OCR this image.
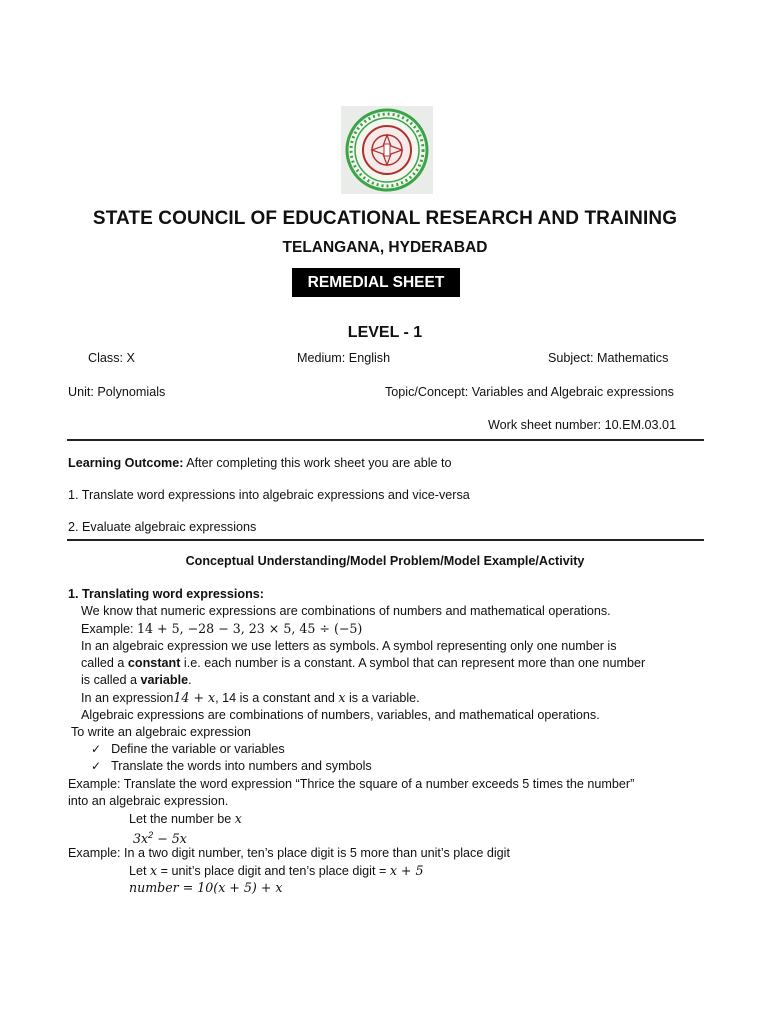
STATE COUNCIL OF EDUCATIONAL RESEARCH AND TRAINING
TELANGANA, HYDERABAD
REMEDIAL SHEET
LEVEL - 1
Class: X	Medium: English	Subject: Mathematics
Unit: Polynomials	Topic/Concept: Variables and Algebraic expressions
Work sheet number: 10.EM.03.01
Learning Outcome: After completing this work sheet you are able to
1. Translate word expressions into algebraic expressions and vice-versa
2. Evaluate algebraic expressions
Conceptual Understanding/Model Problem/Model Example/Activity
1. Translating word expressions:
We know that numeric expressions are combinations of numbers and mathematical operations.
Example: 14 + 5, −28 − 3, 23 × 5, 45 ÷ (−5)
In an algebraic expression we use letters as symbols. A symbol representing only one number is
called a constant i.e. each number is a constant. A symbol that can represent more than one number
is called a variable.
In an expression14 + x, 14 is a constant and x is a variable.
Algebraic expressions are combinations of numbers, variables, and mathematical operations.
To write an algebraic expression
✓ Define the variable or variables
✓ Translate the words into numbers and symbols
Example: Translate the word expression “Thrice the square of a number exceeds 5 times the number”
into an algebraic expression.
Let the number be x
$3x^2 - 5x$
Example: In a two digit number, ten’s place digit is 5 more than unit’s place digit
Let x = unit’s place digit and ten’s place digit = x + 5
number = 10(x + 5) + x
